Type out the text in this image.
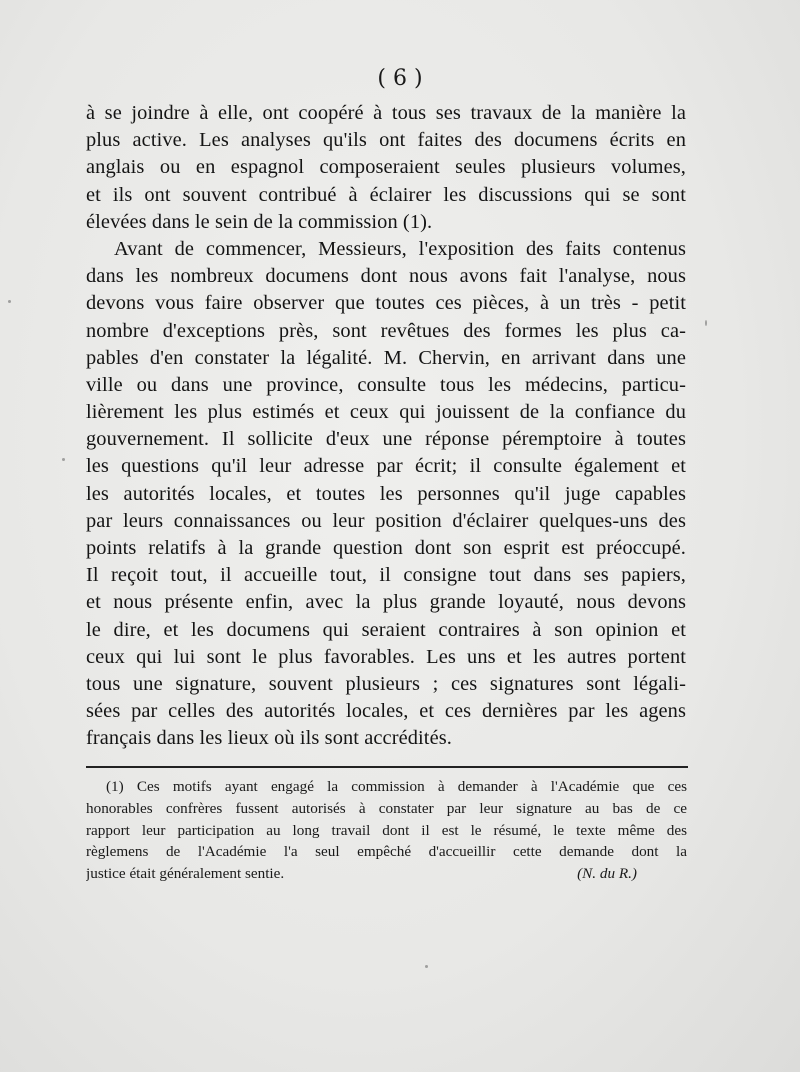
( 6 )
à se joindre à elle, ont coopéré à tous ses travaux de la manière la
plus active. Les analyses qu'ils ont faites des documens écrits en
anglais ou en espagnol composeraient seules plusieurs volumes,
et ils ont souvent contribué à éclairer les discussions qui se sont
élevées dans le sein de la commission (1).
Avant de commencer, Messieurs, l'exposition des faits contenus
dans les nombreux documens dont nous avons fait l'analyse, nous
devons vous faire observer que toutes ces pièces, à un très - petit
nombre d'exceptions près, sont revêtues des formes les plus ca-
pables d'en constater la légalité. M. Chervin, en arrivant dans une
ville ou dans une province, consulte tous les médecins, particu-
lièrement les plus estimés et ceux qui jouissent de la confiance du
gouvernement. Il sollicite d'eux une réponse péremptoire à toutes
les questions qu'il leur adresse par écrit; il consulte également et
les autorités locales, et toutes les personnes qu'il juge capables
par leurs connaissances ou leur position d'éclairer quelques-uns des
points relatifs à la grande question dont son esprit est préoccupé.
Il reçoit tout, il accueille tout, il consigne tout dans ses papiers,
et nous présente enfin, avec la plus grande loyauté, nous devons
le dire, et les documens qui seraient contraires à son opinion et
ceux qui lui sont le plus favorables. Les uns et les autres portent
tous une signature, souvent plusieurs ; ces signatures sont légali-
sées par celles des autorités locales, et ces dernières par les agens
français dans les lieux où ils sont accrédités.
(1) Ces motifs ayant engagé la commission à demander à l'Académie que ces
honorables confrères fussent autorisés à constater par leur signature au bas de ce
rapport leur participation au long travail dont il est le résumé, le texte même des
règlemens de l'Académie l'a seul empêché d'accueillir cette demande dont la
justice était généralement sentie.	(N. du R.)
